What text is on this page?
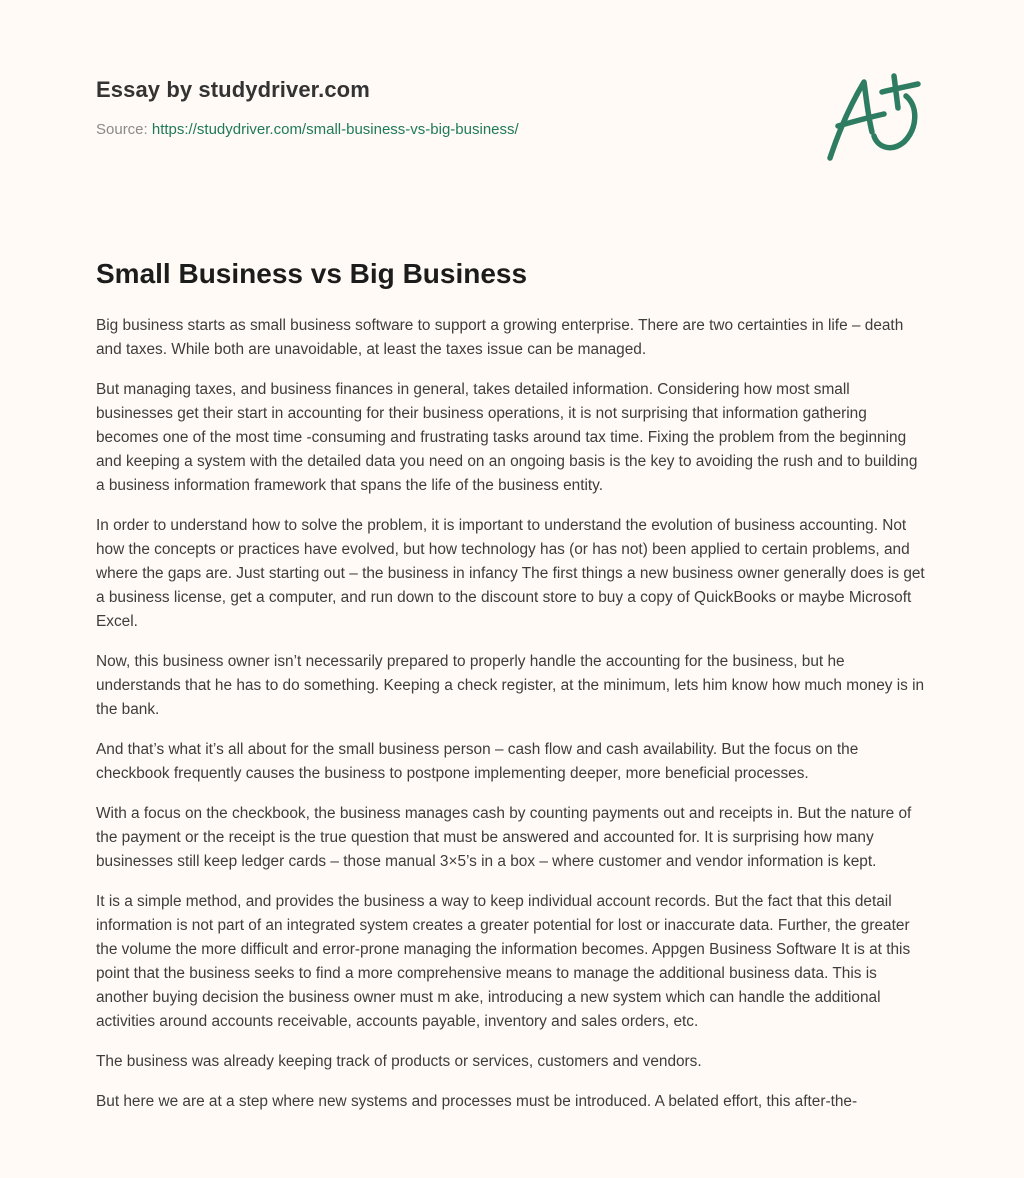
Essay by studydriver.com
Source: https://studydriver.com/small-business-vs-big-business/
Small Business vs Big Business

Big business starts as small business software to support a growing enterprise. There are two certainties in life – death and taxes. While both are unavoidable, at least the taxes issue can be managed.

But managing taxes, and business finances in general, takes detailed information. Considering how most small businesses get their start in accounting for their business operations, it is not surprising that information gathering becomes one of the most time -consuming and frustrating tasks around tax time. Fixing the problem from the beginning and keeping a system with the detailed data you need on an ongoing basis is the key to avoiding the rush and to building a business information framework that spans the life of the business entity.

In order to understand how to solve the problem, it is important to understand the evolution of business accounting. Not how the concepts or practices have evolved, but how technology has (or has not) been applied to certain problems, and where the gaps are. Just starting out – the business in infancy The first things a new business owner generally does is get a business license, get a computer, and run down to the discount store to buy a copy of QuickBooks or maybe Microsoft Excel.

Now, this business owner isn’t necessarily prepared to properly handle the accounting for the business, but he understands that he has to do something. Keeping a check register, at the minimum, lets him know how much money is in the bank.

And that’s what it’s all about for the small business person – cash flow and cash availability. But the focus on the checkbook frequently causes the business to postpone implementing deeper, more beneficial processes.

With a focus on the checkbook, the business manages cash by counting payments out and receipts in. But the nature of the payment or the receipt is the true question that must be answered and accounted for. It is surprising how many businesses still keep ledger cards – those manual 3×5’s in a box – where customer and vendor information is kept.

It is a simple method, and provides the business a way to keep individual account records. But the fact that this detail information is not part of an integrated system creates a greater potential for lost or inaccurate data. Further, the greater the volume the more difficult and error-prone managing the information becomes. Appgen Business Software It is at this point that the business seeks to find a more comprehensive means to manage the additional business data. This is another buying decision the business owner must m ake, introducing a new system which can handle the additional activities around accounts receivable, accounts payable, inventory and sales orders, etc.

The business was already keeping track of products or services, customers and vendors.

But here we are at a step where new systems and processes must be introduced. A belated effort, this after-the-
